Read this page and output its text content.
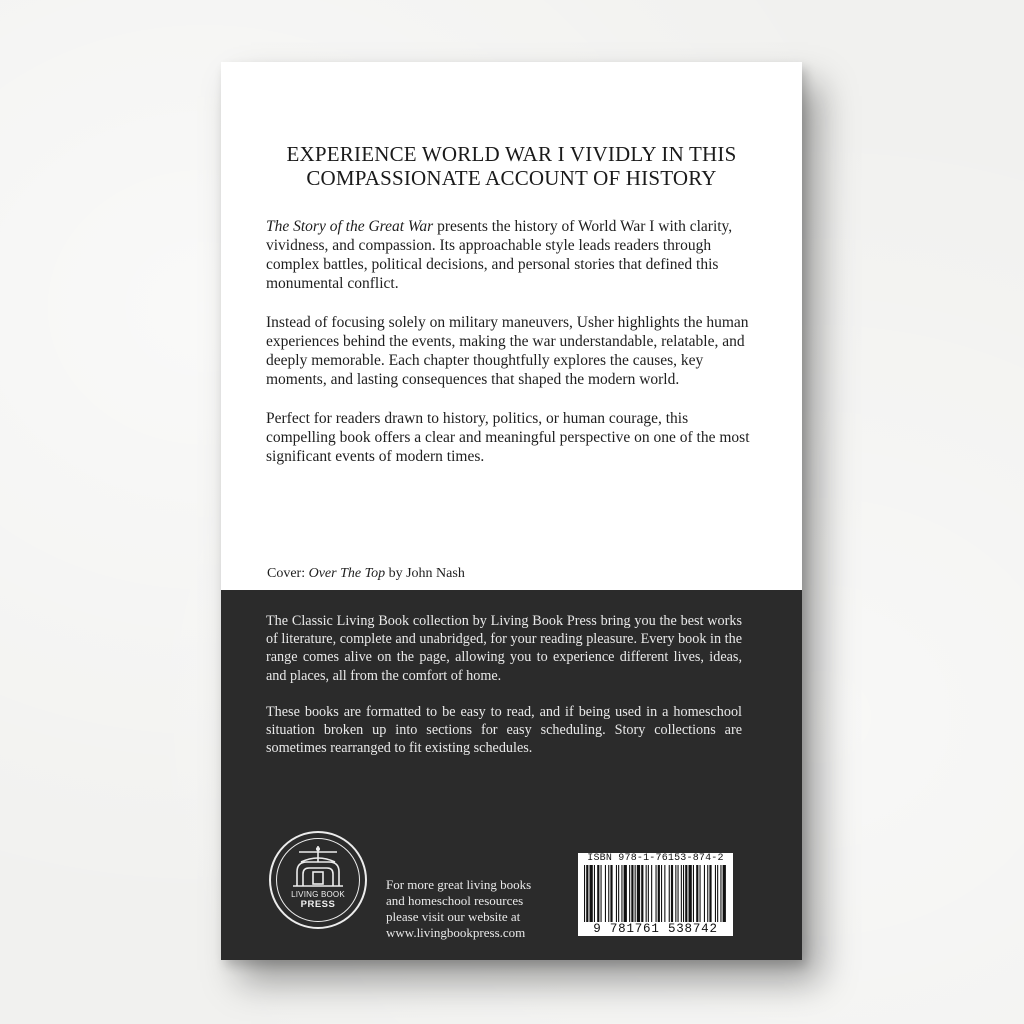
EXPERIENCE WORLD WAR I VIVIDLY IN THIS
COMPASSIONATE ACCOUNT OF HISTORY

The Story of the Great War presents the history of World War I with clarity, vividness, and compassion. Its approachable style leads readers through complex battles, political decisions, and personal stories that defined this monumental conflict.

Instead of focusing solely on military maneuvers, Usher highlights the human experiences behind the events, making the war understandable, relatable, and deeply memorable. Each chapter thoughtfully explores the causes, key moments, and lasting consequences that shaped the modern world.

Perfect for readers drawn to history, politics, or human courage, this compelling book offers a clear and meaningful perspective on one of the most significant events of modern times.

Cover: Over The Top by John Nash

The Classic Living Book collection by Living Book Press bring you the best works of literature, complete and unabridged, for your reading pleasure. Every book in the range comes alive on the page, allowing you to experience different lives, ideas, and places, all from the comfort of home.

These books are formatted to be easy to read, and if being used in a homeschool situation broken up into sections for easy scheduling. Story collections are sometimes rearranged to fit existing schedules.

LIVING BOOK
PRESS
For more great living books
and homeschool resources
please visit our website at
www.livingbookpress.com
ISBN 978-1-76153-874-2
9 781761 538742
